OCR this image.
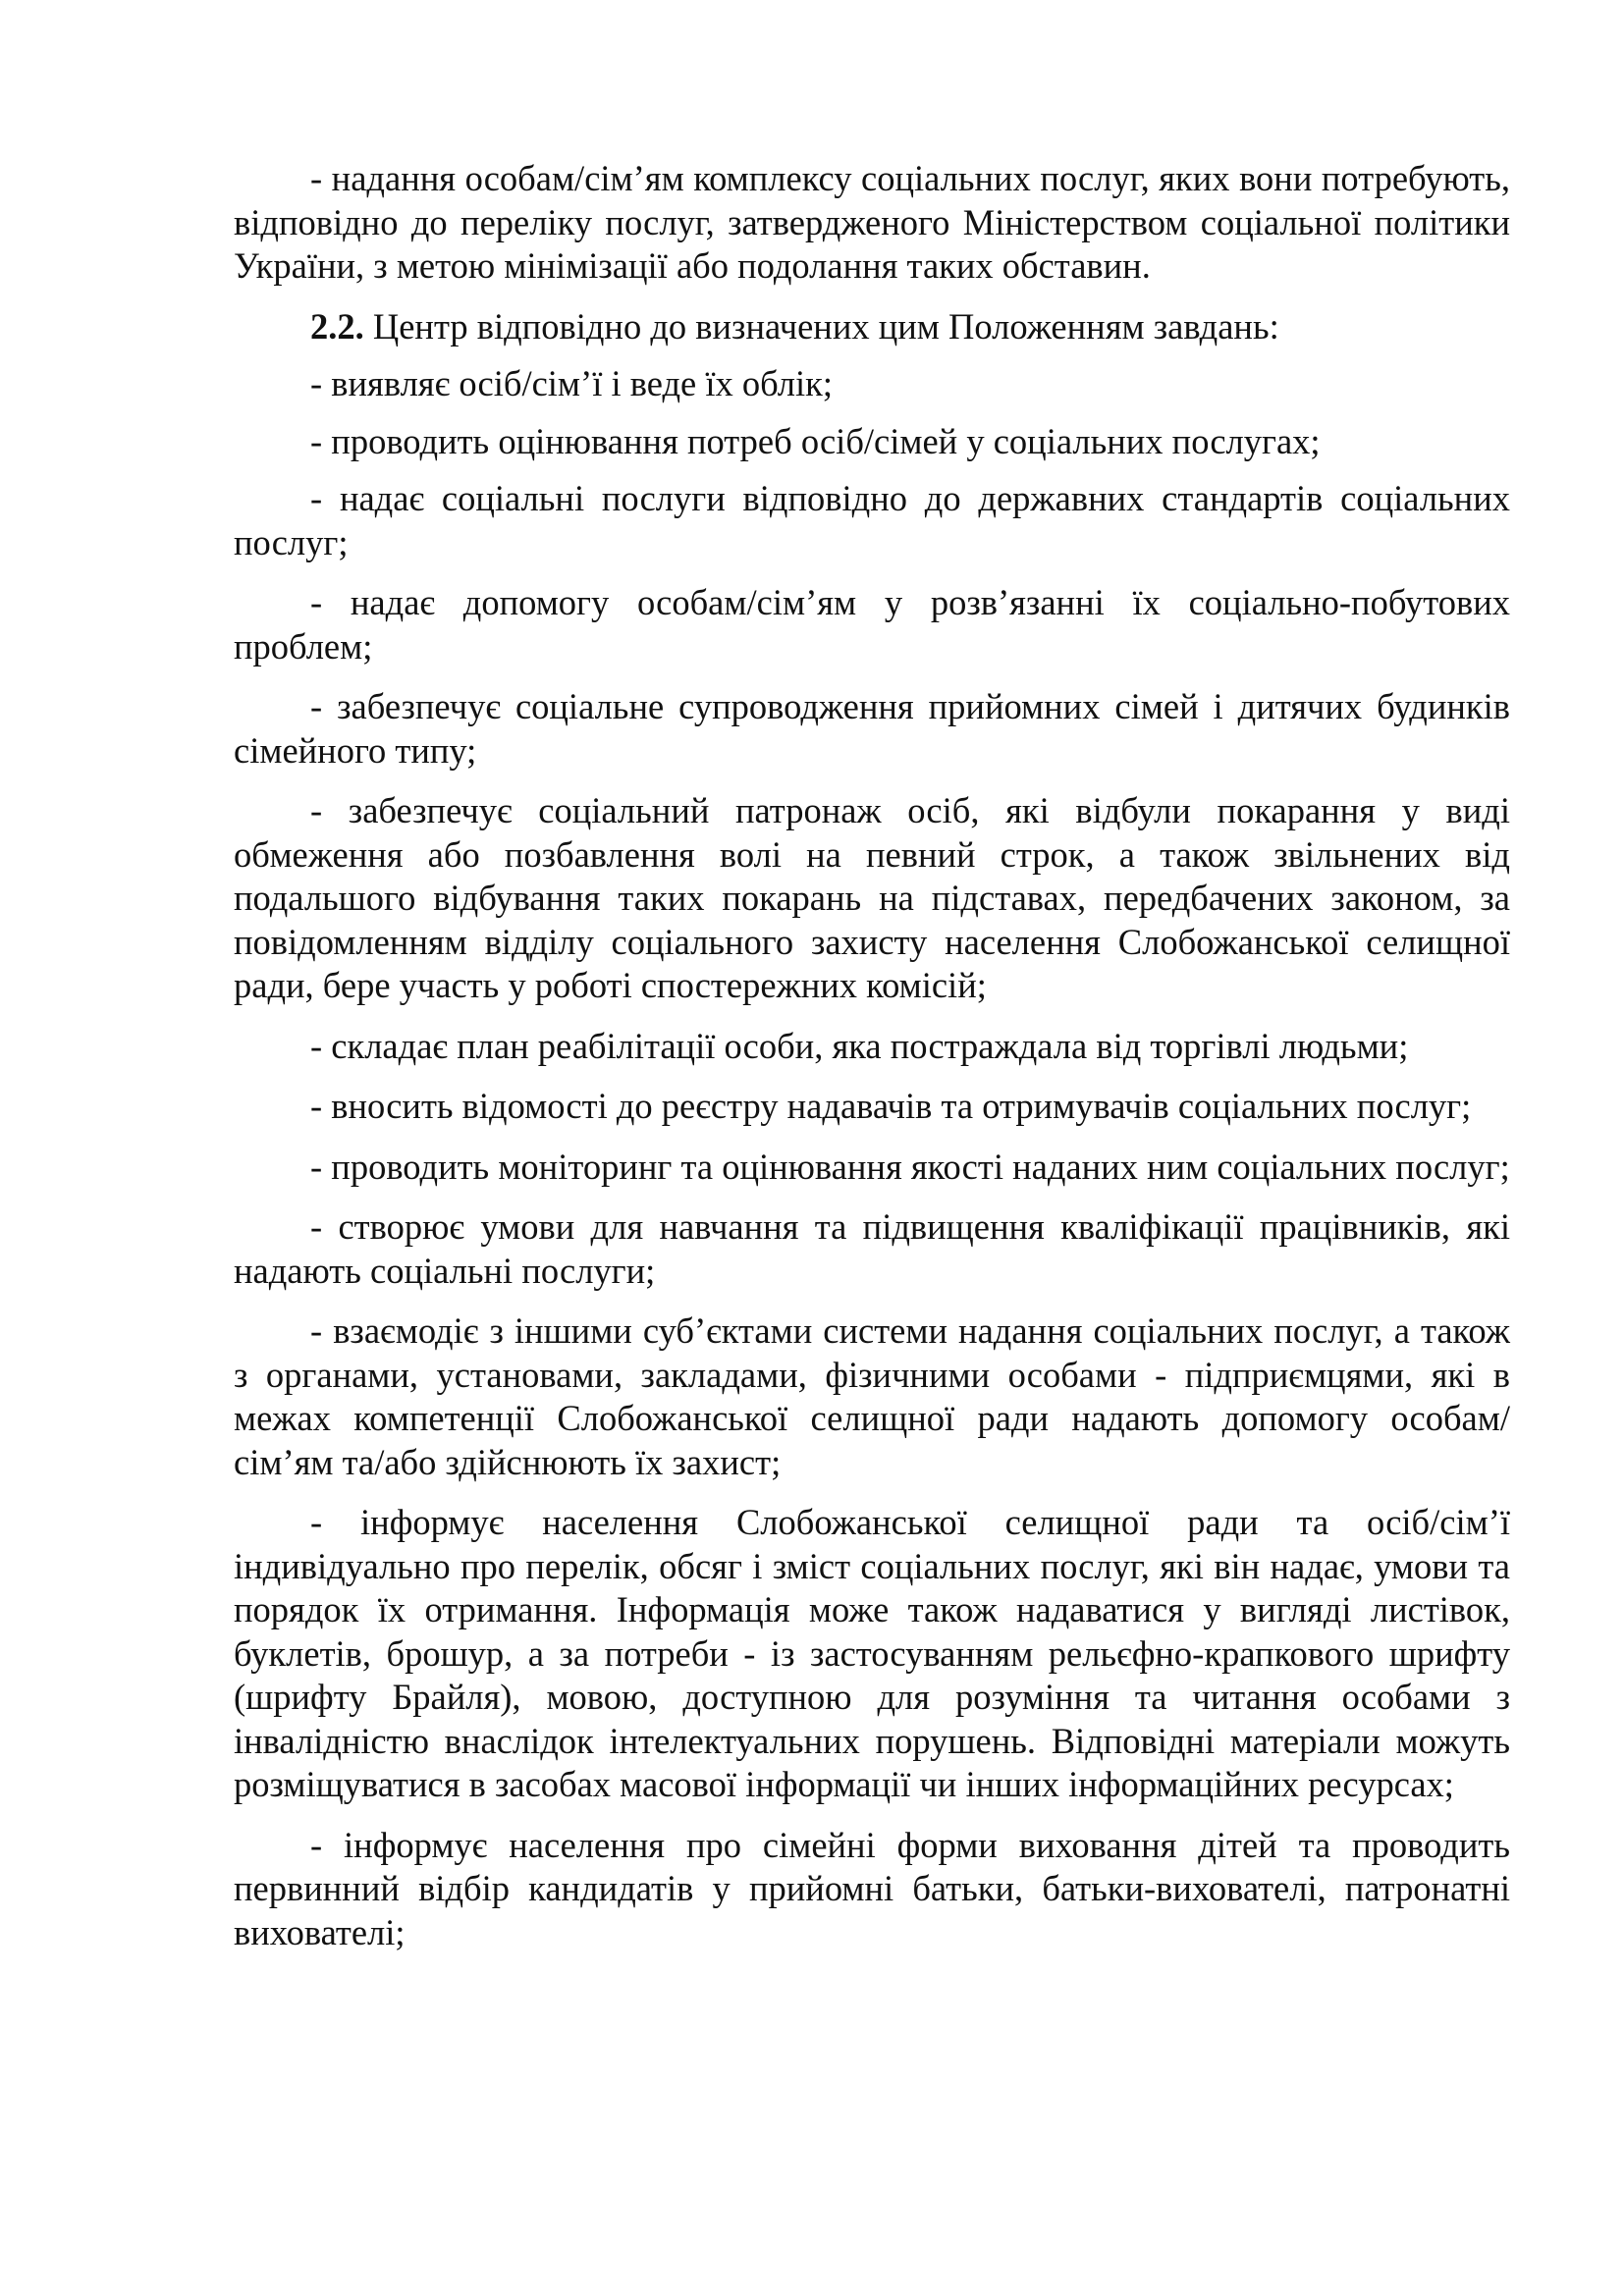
- надання особам/сім’ям комплексу соціальних послуг, яких вони потребують, відповідно до переліку послуг, затвердженого Міністерством соціальної політики України, з метою мінімізації або подолання таких обставин.

2.2. Центр відповідно до визначених цим Положенням завдань:

- виявляє осіб/сім’ї і веде їх облік;

- проводить оцінювання потреб осіб/сімей у соціальних послугах;

- надає соціальні послуги відповідно до державних стандартів соціальних послуг;

- надає допомогу особам/сім’ям у розв’язанні їх соціально-побутових проблем;

- забезпечує соціальне супроводження прийомних сімей і дитячих будинків сімейного типу;

- забезпечує соціальний патронаж осіб, які відбули покарання у виді обмеження або позбавлення волі на певний строк, а також звільнених від подальшого відбування таких покарань на підставах, передбачених законом, за повідомленням відділу соціального захисту населення Слобожанської селищної ради, бере участь у роботі спостережних комісій;

- складає план реабілітації особи, яка постраждала від торгівлі людьми;

- вносить відомості до реєстру надавачів та отримувачів соціальних послуг;

- проводить моніторинг та оцінювання якості наданих ним соціальних послуг;

- створює умови для навчання та підвищення кваліфікації працівників, які надають соціальні послуги;

- взаємодіє з іншими суб’єктами системи надання соціальних послуг, а також з органами, установами, закладами, фізичними особами - підприємцями, які в межах компетенції Слобожанської селищної ради надають допомогу особам/сім’ям та/або здійснюють їх захист;

- інформує населення Слобожанської селищної ради та осіб/сім’ї індивідуально про перелік, обсяг і зміст соціальних послуг, які він надає, умови та порядок їх отримання. Інформація може також надаватися у вигляді листівок, буклетів, брошур, а за потреби - із застосуванням рельєфно-крапкового шрифту (шрифту Брайля), мовою, доступною для розуміння та читання особами з інвалідністю внаслідок інтелектуальних порушень. Відповідні матеріали можуть розміщуватися в засобах масової інформації чи інших інформаційних ресурсах;

- інформує населення про сімейні форми виховання дітей та проводить первинний відбір кандидатів у прийомні батьки, батьки-вихователі, патронатні вихователі;
